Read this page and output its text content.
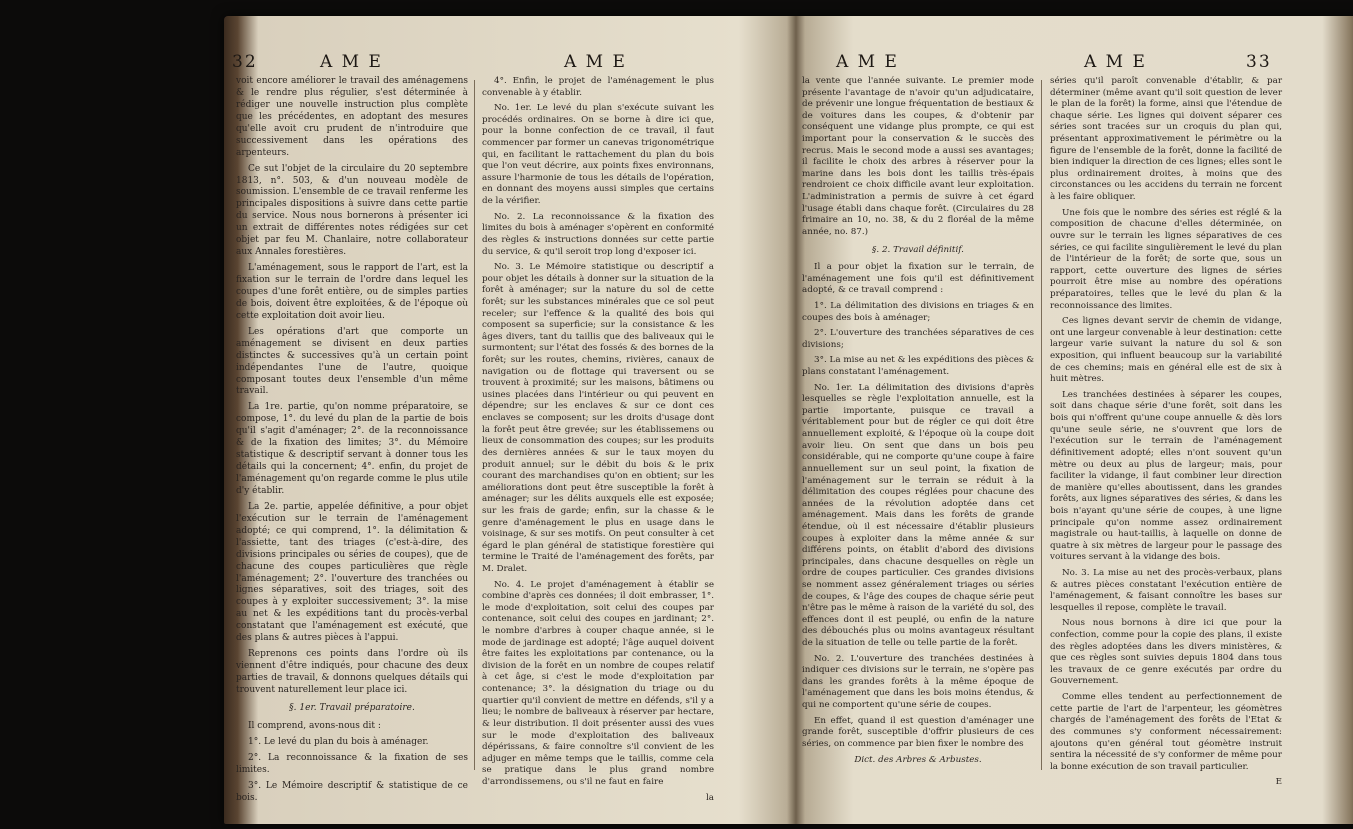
32	A M E	A M E

voit encore améliorer le travail des aménagemens & le rendre plus régulier, s'est déterminée à rédiger une nouvelle instruction plus complète que les précédentes, en adoptant des mesures qu'elle avoit cru prudent de n'introduire que successivement dans les opérations des arpenteurs.

Ce sut l'objet de la circulaire du 20 septembre 1813, n°. 503, & d'un nouveau modèle de soumission. L'ensemble de ce travail renferme les principales dispositions à suivre dans cette partie du service. Nous nous bornerons à présenter ici un extrait de différentes notes rédigées sur cet objet par feu M. Chanlaire, notre collaborateur aux Annales forestières.

L'aménagement, sous le rapport de l'art, est la fixation sur le terrain de l'ordre dans lequel les coupes d'une forêt entière, ou de simples parties de bois, doivent être exploitées, & de l'époque où cette exploitation doit avoir lieu.

Les opérations d'art que comporte un aménagement se divisent en deux parties distinctes & successives qu'à un certain point indépendantes l'une de l'autre, quoique composant toutes deux l'ensemble d'un même travail.

La 1re. partie, qu'on nomme préparatoire, se compose, 1°. du levé du plan de la partie de bois qu'il s'agit d'aménager; 2°. de la reconnoissance & de la fixation des limites; 3°. du Mémoire statistique & descriptif servant à donner tous les détails qui la concernent; 4°. enfin, du projet de l'aménagement qu'on regarde comme le plus utile d'y établir.

La 2e. partie, appelée définitive, a pour objet l'exécution sur le terrain de l'aménagement adopté; ce qui comprend, 1°. la délimitation & l'assiette, tant des triages (c'est-à-dire, des divisions principales ou séries de coupes), que de chacune des coupes particulières que règle l'aménagement; 2°. l'ouverture des tranchées ou lignes séparatives, soit des triages, soit des coupes à y exploiter successivement; 3°. la mise au net & les expéditions tant du procès-verbal constatant que l'aménagement est exécuté, que des plans & autres pièces à l'appui.

Reprenons ces points dans l'ordre où ils viennent d'être indiqués, pour chacune des deux parties de travail, & donnons quelques détails qui trouvent naturellement leur place ici.

§. 1er. Travail préparatoire.

Il comprend, avons-nous dit :

1°. Le levé du plan du bois à aménager.

2°. La reconnoissance & la fixation de ses limites.

3°. Le Mémoire descriptif & statistique de ce bois.

4°. Enfin, le projet de l'aménagement le plus convenable à y établir.

No. 1er. Le levé du plan s'exécute suivant les procédés ordinaires. On se borne à dire ici que, pour la bonne confection de ce travail, il faut commencer par former un canevas trigonométrique qui, en facilitant le rattachement du plan du bois que l'on veut décrire, aux points fixes environnans, assure l'harmonie de tous les détails de l'opération, en donnant des moyens aussi simples que certains de la vérifier.

No. 2. La reconnoissance & la fixation des limites du bois à aménager s'opèrent en conformité des règles & instructions données sur cette partie du service, & qu'il seroit trop long d'exposer ici.

No. 3. Le Mémoire statistique ou descriptif a pour objet les détails à donner sur la situation de la forêt à aménager; sur la nature du sol de cette forêt; sur les substances minérales que ce sol peut receler; sur l'effence & la qualité des bois qui composent sa superficie; sur la consistance & les âges divers, tant du taillis que des baliveaux qui le surmontent; sur l'état des fossés & des bornes de la forêt; sur les routes, chemins, rivières, canaux de navigation ou de flottage qui traversent ou se trouvent à proximité; sur les maisons, bâtimens ou usines placées dans l'intérieur ou qui peuvent en dépendre; sur les enclaves & sur ce dont ces enclaves se composent; sur les droits d'usage dont la forêt peut être grevée; sur les établissemens ou lieux de consommation des coupes; sur les produits des dernières années & sur le taux moyen du produit annuel; sur le débit du bois & le prix courant des marchandises qu'on en obtient; sur les améliorations dont peut être susceptible la forêt à aménager; sur les délits auxquels elle est exposée; sur les frais de garde; enfin, sur la chasse & le genre d'aménagement le plus en usage dans le voisinage, & sur ses motifs. On peut consulter à cet égard le plan général de statistique forestière qui termine le Traité de l'aménagement des forêts, par M. Dralet.

No. 4. Le projet d'aménagement à établir se combine d'après ces données; il doit embrasser, 1°. le mode d'exploitation, soit celui des coupes par contenance, soit celui des coupes en jardinant; 2°. le nombre d'arbres à couper chaque année, si le mode de jardinage est adopté; l'âge auquel doivent être faites les exploitations par contenance, ou la division de la forêt en un nombre de coupes relatif à cet âge, si c'est le mode d'exploitation par contenance; 3°. la désignation du triage ou du quartier qu'il convient de mettre en défends, s'il y a lieu; le nombre de baliveaux à réserver par hectare, & leur distribution. Il doit présenter aussi des vues sur le mode d'exploitation des baliveaux dépérissans, & faire connoître s'il convient de les adjuger en même temps que le taillis, comme cela se pratique dans le plus grand nombre d'arrondissemens, ou s'il ne faut en faire

la

A M E	A M E	33

la vente que l'année suivante. Le premier mode présente l'avantage de n'avoir qu'un adjudicataire, de prévenir une longue fréquentation de bestiaux & de voitures dans les coupes, & d'obtenir par conséquent une vidange plus prompte, ce qui est important pour la conservation & le succès des recrus. Mais le second mode a aussi ses avantages; il facilite le choix des arbres à réserver pour la marine dans les bois dont les taillis très-épais rendroient ce choix difficile avant leur exploitation. L'administration a permis de suivre à cet égard l'usage établi dans chaque forêt. (Circulaires du 28 frimaire an 10, no. 38, & du 2 floréal de la même année, no. 87.)

§. 2. Travail définitif.

Il a pour objet la fixation sur le terrain, de l'aménagement une fois qu'il est définitivement adopté, & ce travail comprend :

1°. La délimitation des divisions en triages & en coupes des bois à aménager;

2°. L'ouverture des tranchées séparatives de ces divisions;

3°. La mise au net & les expéditions des pièces & plans constatant l'aménagement.

No. 1er. La délimitation des divisions d'après lesquelles se règle l'exploitation annuelle, est la partie importante, puisque ce travail a véritablement pour but de régler ce qui doit être annuellement exploité, & l'époque où la coupe doit avoir lieu. On sent que dans un bois peu considérable, qui ne comporte qu'une coupe à faire annuellement sur un seul point, la fixation de l'aménagement sur le terrain se réduit à la délimitation des coupes réglées pour chacune des années de la révolution adoptée dans cet aménagement. Mais dans les forêts de grande étendue, où il est nécessaire d'établir plusieurs coupes à exploiter dans la même année & sur différens points, on établit d'abord des divisions principales, dans chacune desquelles on règle un ordre de coupes particulier. Ces grandes divisions se nomment assez généralement triages ou séries de coupes, & l'âge des coupes de chaque série peut n'être pas le même à raison de la variété du sol, des effences dont il est peuplé, ou enfin de la nature des débouchés plus ou moins avantageux résultant de la situation de telle ou telle partie de la forêt.

No. 2. L'ouverture des tranchées destinées à indiquer ces divisions sur le terrain, ne s'opère pas dans les grandes forêts à la même époque de l'aménagement que dans les bois moins étendus, & qui ne comportent qu'une série de coupes.

En effet, quand il est question d'aménager une grande forêt, susceptible d'offrir plusieurs de ces séries, on commence par bien fixer le nombre des

Dict. des Arbres & Arbustes.

séries qu'il paroît convenable d'établir, & par déterminer (même avant qu'il soit question de lever le plan de la forêt) la forme, ainsi que l'étendue de chaque série. Les lignes qui doivent séparer ces séries sont tracées sur un croquis du plan qui, présentant approximativement le périmètre ou la figure de l'ensemble de la forêt, donne la facilité de bien indiquer la direction de ces lignes; elles sont le plus ordinairement droites, à moins que des circonstances ou les accidens du terrain ne forcent à les faire obliquer.

Une fois que le nombre des séries est réglé & la composition de chacune d'elles déterminée, on ouvre sur le terrain les lignes séparatives de ces séries, ce qui facilite singulièrement le levé du plan de l'intérieur de la forêt; de sorte que, sous un rapport, cette ouverture des lignes de séries pourroit être mise au nombre des opérations préparatoires, telles que le levé du plan & la reconnoissance des limites.

Ces lignes devant servir de chemin de vidange, ont une largeur convenable à leur destination: cette largeur varie suivant la nature du sol & son exposition, qui influent beaucoup sur la variabilité de ces chemins; mais en général elle est de six à huit mètres.

Les tranchées destinées à séparer les coupes, soit dans chaque série d'une forêt, soit dans les bois qui n'offrent qu'une coupe annuelle & dès lors qu'une seule série, ne s'ouvrent que lors de l'exécution sur le terrain de l'aménagement définitivement adopté; elles n'ont souvent qu'un mètre ou deux au plus de largeur; mais, pour faciliter la vidange, il faut combiner leur direction de manière qu'elles aboutissent, dans les grandes forêts, aux lignes séparatives des séries, & dans les bois n'ayant qu'une série de coupes, à une ligne principale qu'on nomme assez ordinairement magistrale ou haut-taillis, à laquelle on donne de quatre à six mètres de largeur pour le passage des voitures servant à la vidange des bois.

No. 3. La mise au net des procès-verbaux, plans & autres pièces constatant l'exécution entière de l'aménagement, & faisant connoître les bases sur lesquelles il repose, complète le travail.

Nous nous bornons à dire ici que pour la confection, comme pour la copie des plans, il existe des règles adoptées dans les divers ministères, & que ces règles sont suivies depuis 1804 dans tous les travaux de ce genre exécutés par ordre du Gouvernement.

Comme elles tendent au perfectionnement de cette partie de l'art de l'arpenteur, les géomètres chargés de l'aménagement des forêts de l'Etat & des communes s'y conforment nécessairement: ajoutons qu'en général tout géomètre instruit sentira la nécessité de s'y conformer de même pour la bonne exécution de son travail particulier.

E
